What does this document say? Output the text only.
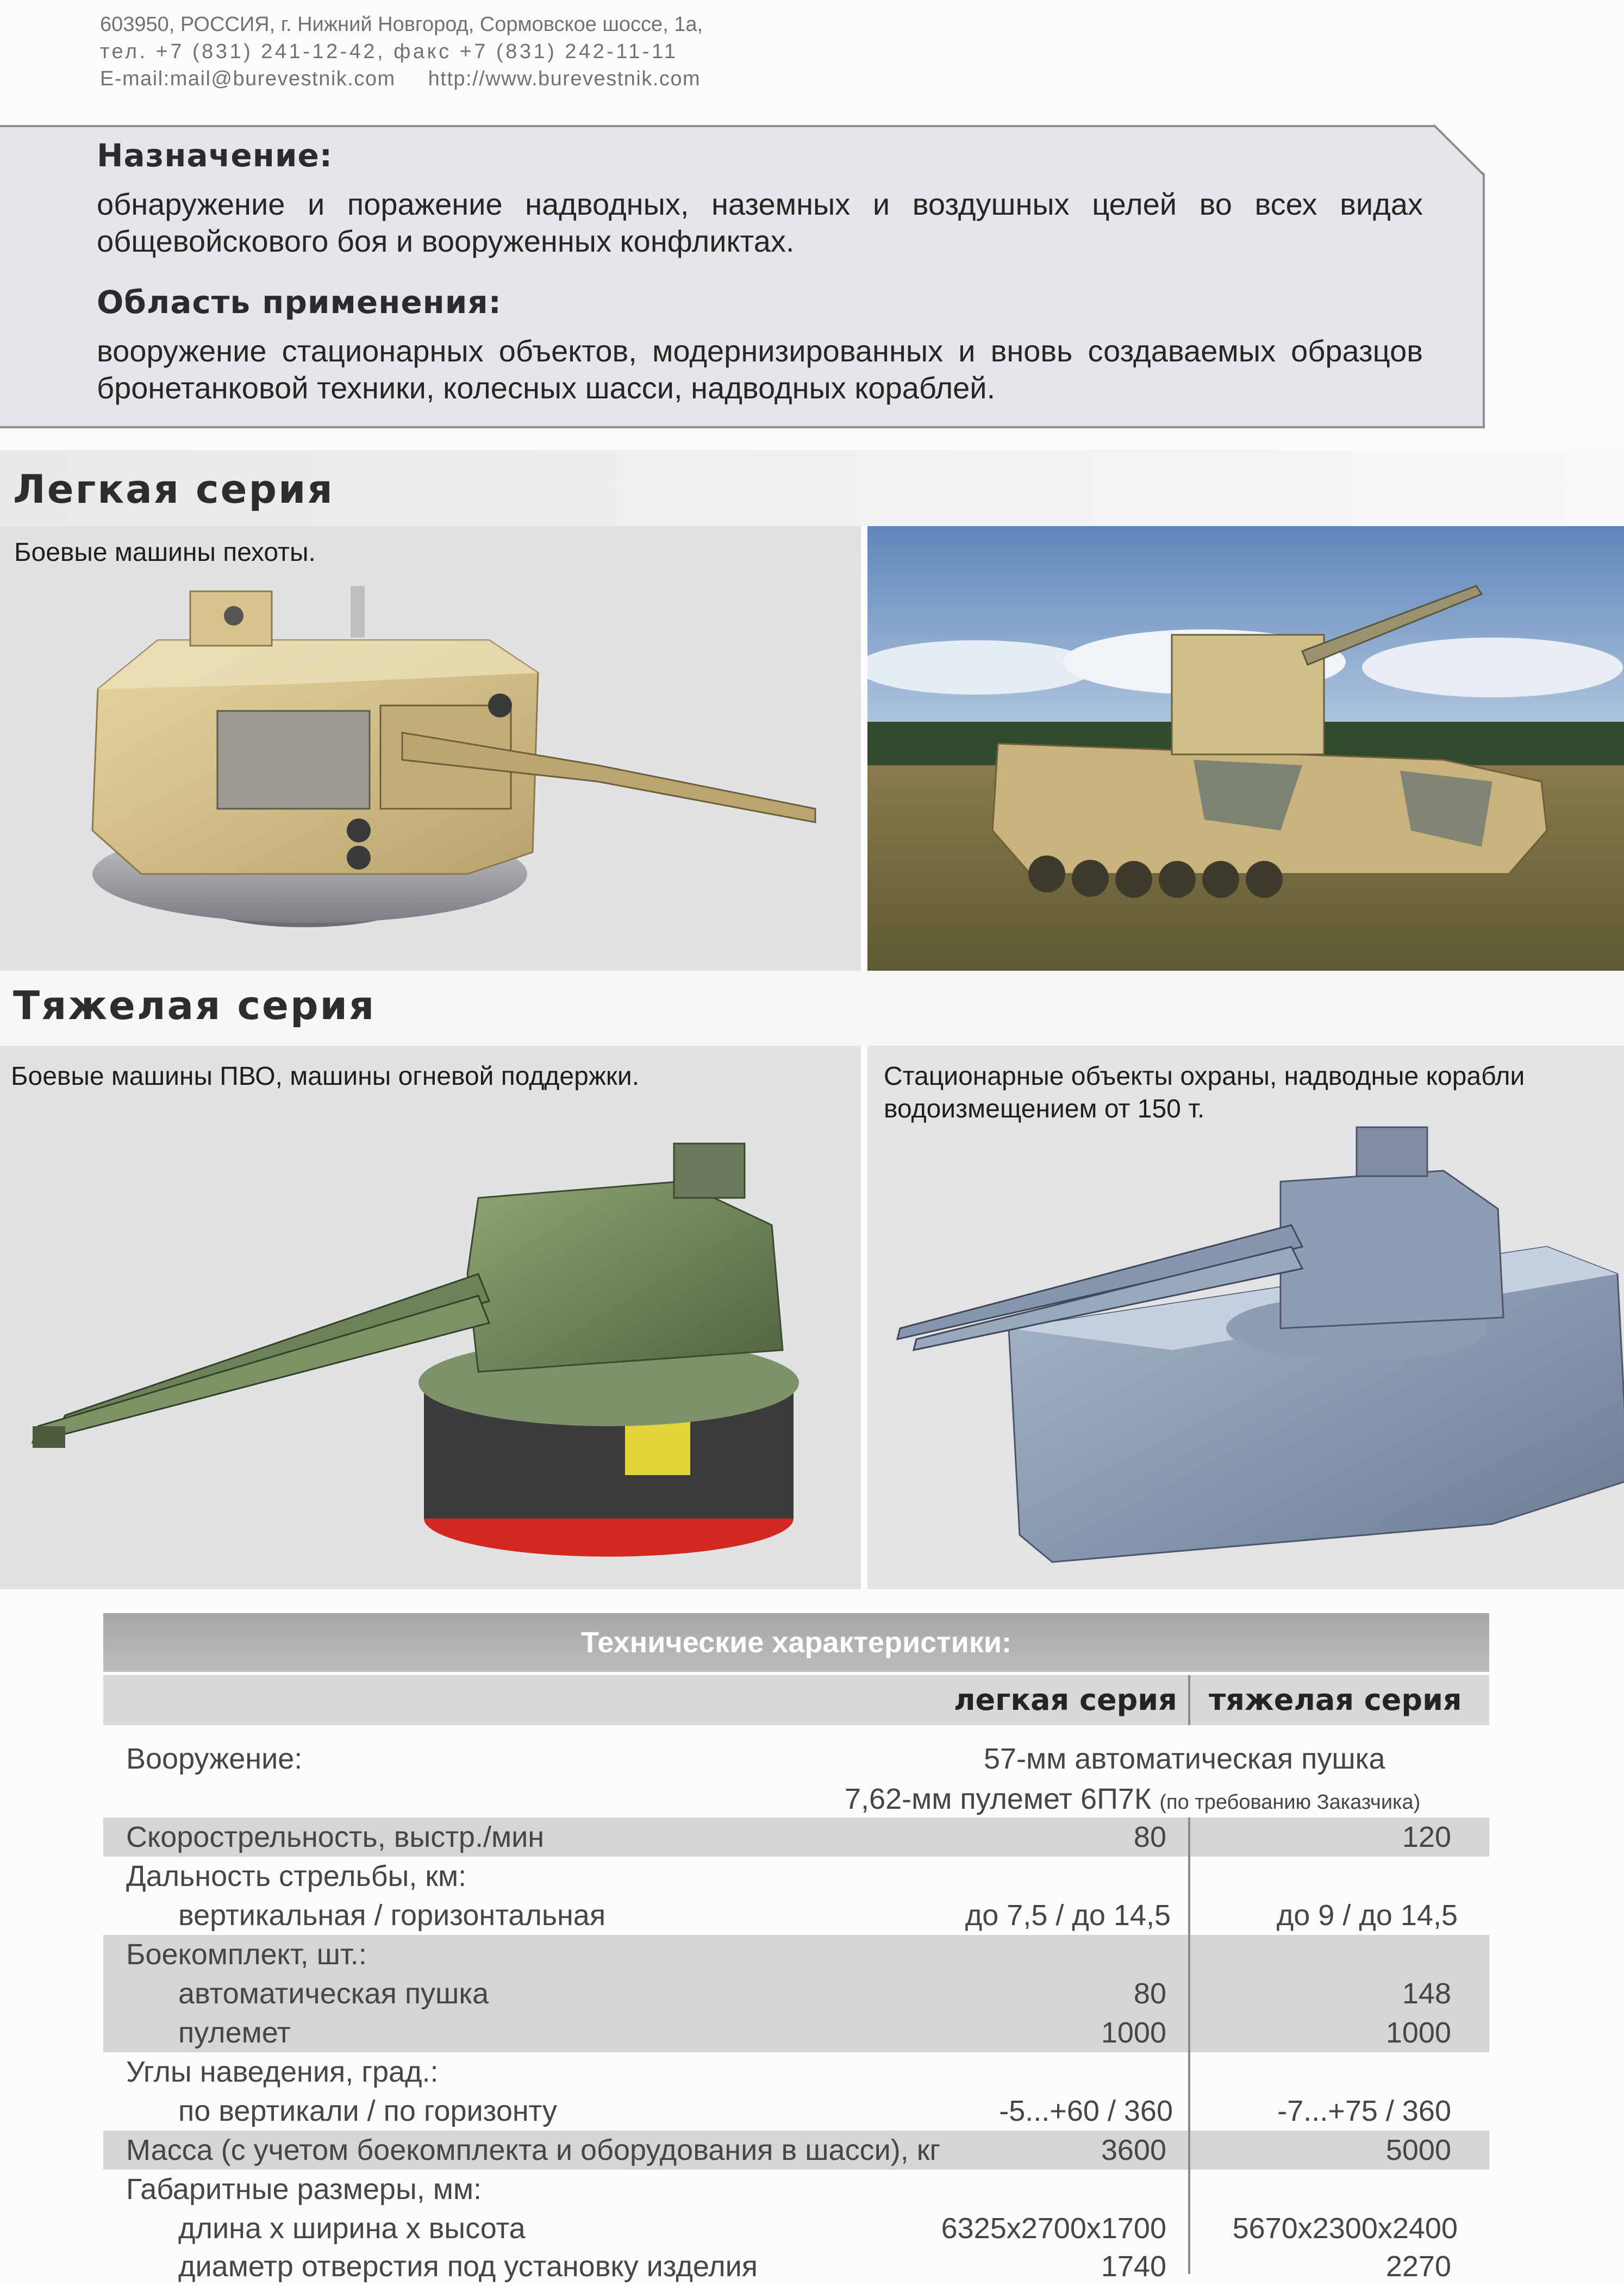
603950, РОССИЯ, г. Нижний Новгород, Сормовское шоссе, 1а,
тел. +7 (831) 241-12-42, факс +7 (831) 242-11-11
E-mail:mail@burevestnik.com http://www.burevestnik.com
Назначение:
обнаружение и поражение надводных, наземных и воздушных целей во всех видах общевойскового боя и вооруженных конфликтах.
Область применения:
вооружение стационарных объектов, модернизированных и вновь создаваемых образцов бронетанковой техники, колесных шасси, надводных кораблей.
Легкая серия
Боевые машины пехоты.
Тяжелая серия
Боевые машины ПВО, машины огневой поддержки.	Стационарные объекты охраны, надводные корабли
водоизмещением от 150 т.
Технические характеристики:
легкая серия тяжелая серия
Вооружение:	57-мм автоматическая пушка
7,62-мм пулемет 6П7К (по требованию Заказчика)
Скорострельность, выстр./мин	80	120
Дальность стрельбы, км:
вертикальная / горизонтальная	до 7,5 / до 14,5	до 9 / до 14,5
Боекомплект, шт.:
автоматическая пушка	80	148
пулемет	1000	1000
Углы наведения, град.:
по вертикали / по горизонту	-5...+60 / 360	-7...+75 / 360
Масса (с учетом боекомплекта и оборудования в шасси), кг	3600	5000
Габаритные размеры, мм:
длина х ширина х высота	6325x2700x1700 5670x2300x2400
диаметр отверстия под установку изделия	1740	2270
